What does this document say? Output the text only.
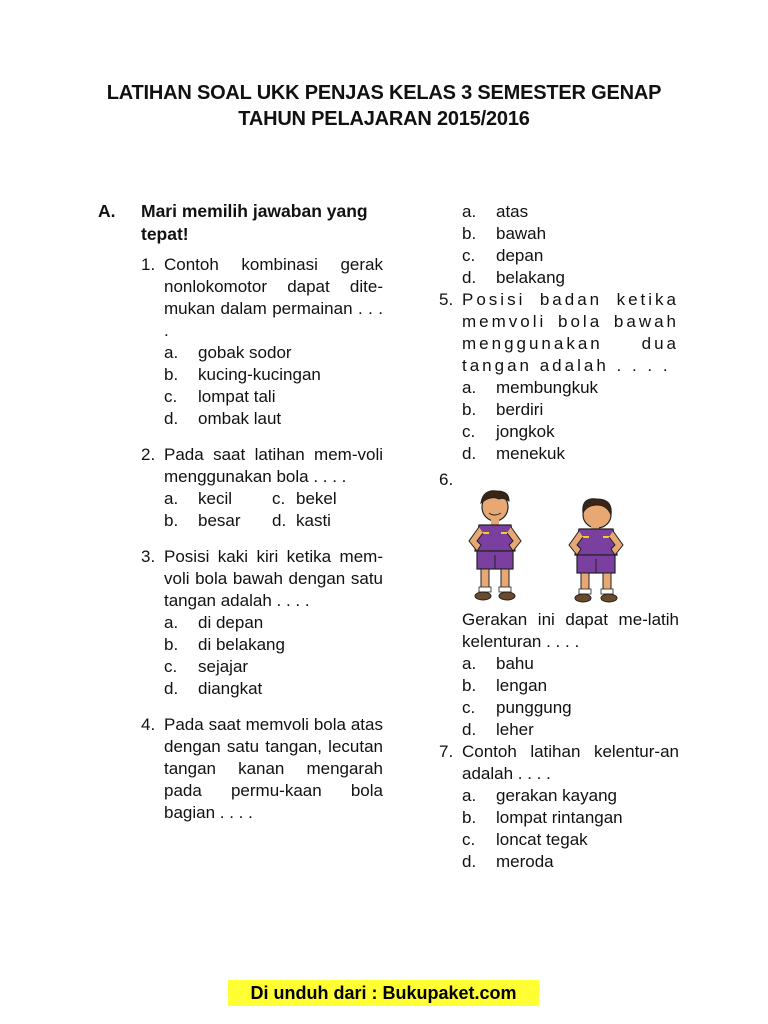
LATIHAN SOAL UKK PENJAS KELAS 3 SEMESTER GENAP
TAHUN PELAJARAN 2015/2016
A.	Mari memilih jawaban yang tepat!
1. Contoh kombinasi gerak nonlokomotor dapat dite-mukan dalam permainan . . . .
a.	gobak sodor
b.	kucing-kucingan
c.	lompat tali
d.	ombak laut
2. Pada saat latihan mem-voli menggunakan bola . . . .
a.	kecil c. bekel
b.	besar d. kasti
3. Posisi kaki kiri ketika mem-voli bola bawah dengan satu tangan adalah . . . .
a.	di depan
b.	di belakang
c.	sejajar
d.	diangkat
4. Pada saat memvoli bola atas dengan satu tangan, lecutan tangan kanan mengarah pada permu-kaan bola bagian . . . .
a.	atas
b.	bawah
c.	depan
d.	belakang
5. Posisi badan ketika memvoli bola bawah menggunakan dua tangan adalah . . . .
a.	membungkuk
b.	berdiri
c.	jongkok
d.	menekuk
6.
Gerakan ini dapat me-latih kelenturan . . . .
a.	bahu
b.	lengan
c.	punggung
d.	leher
7. Contoh latihan kelentur-an adalah . . . .
a.	gerakan kayang
b.	lompat rintangan
c.	loncat tegak
d.	meroda
Di unduh dari : Bukupaket.com
